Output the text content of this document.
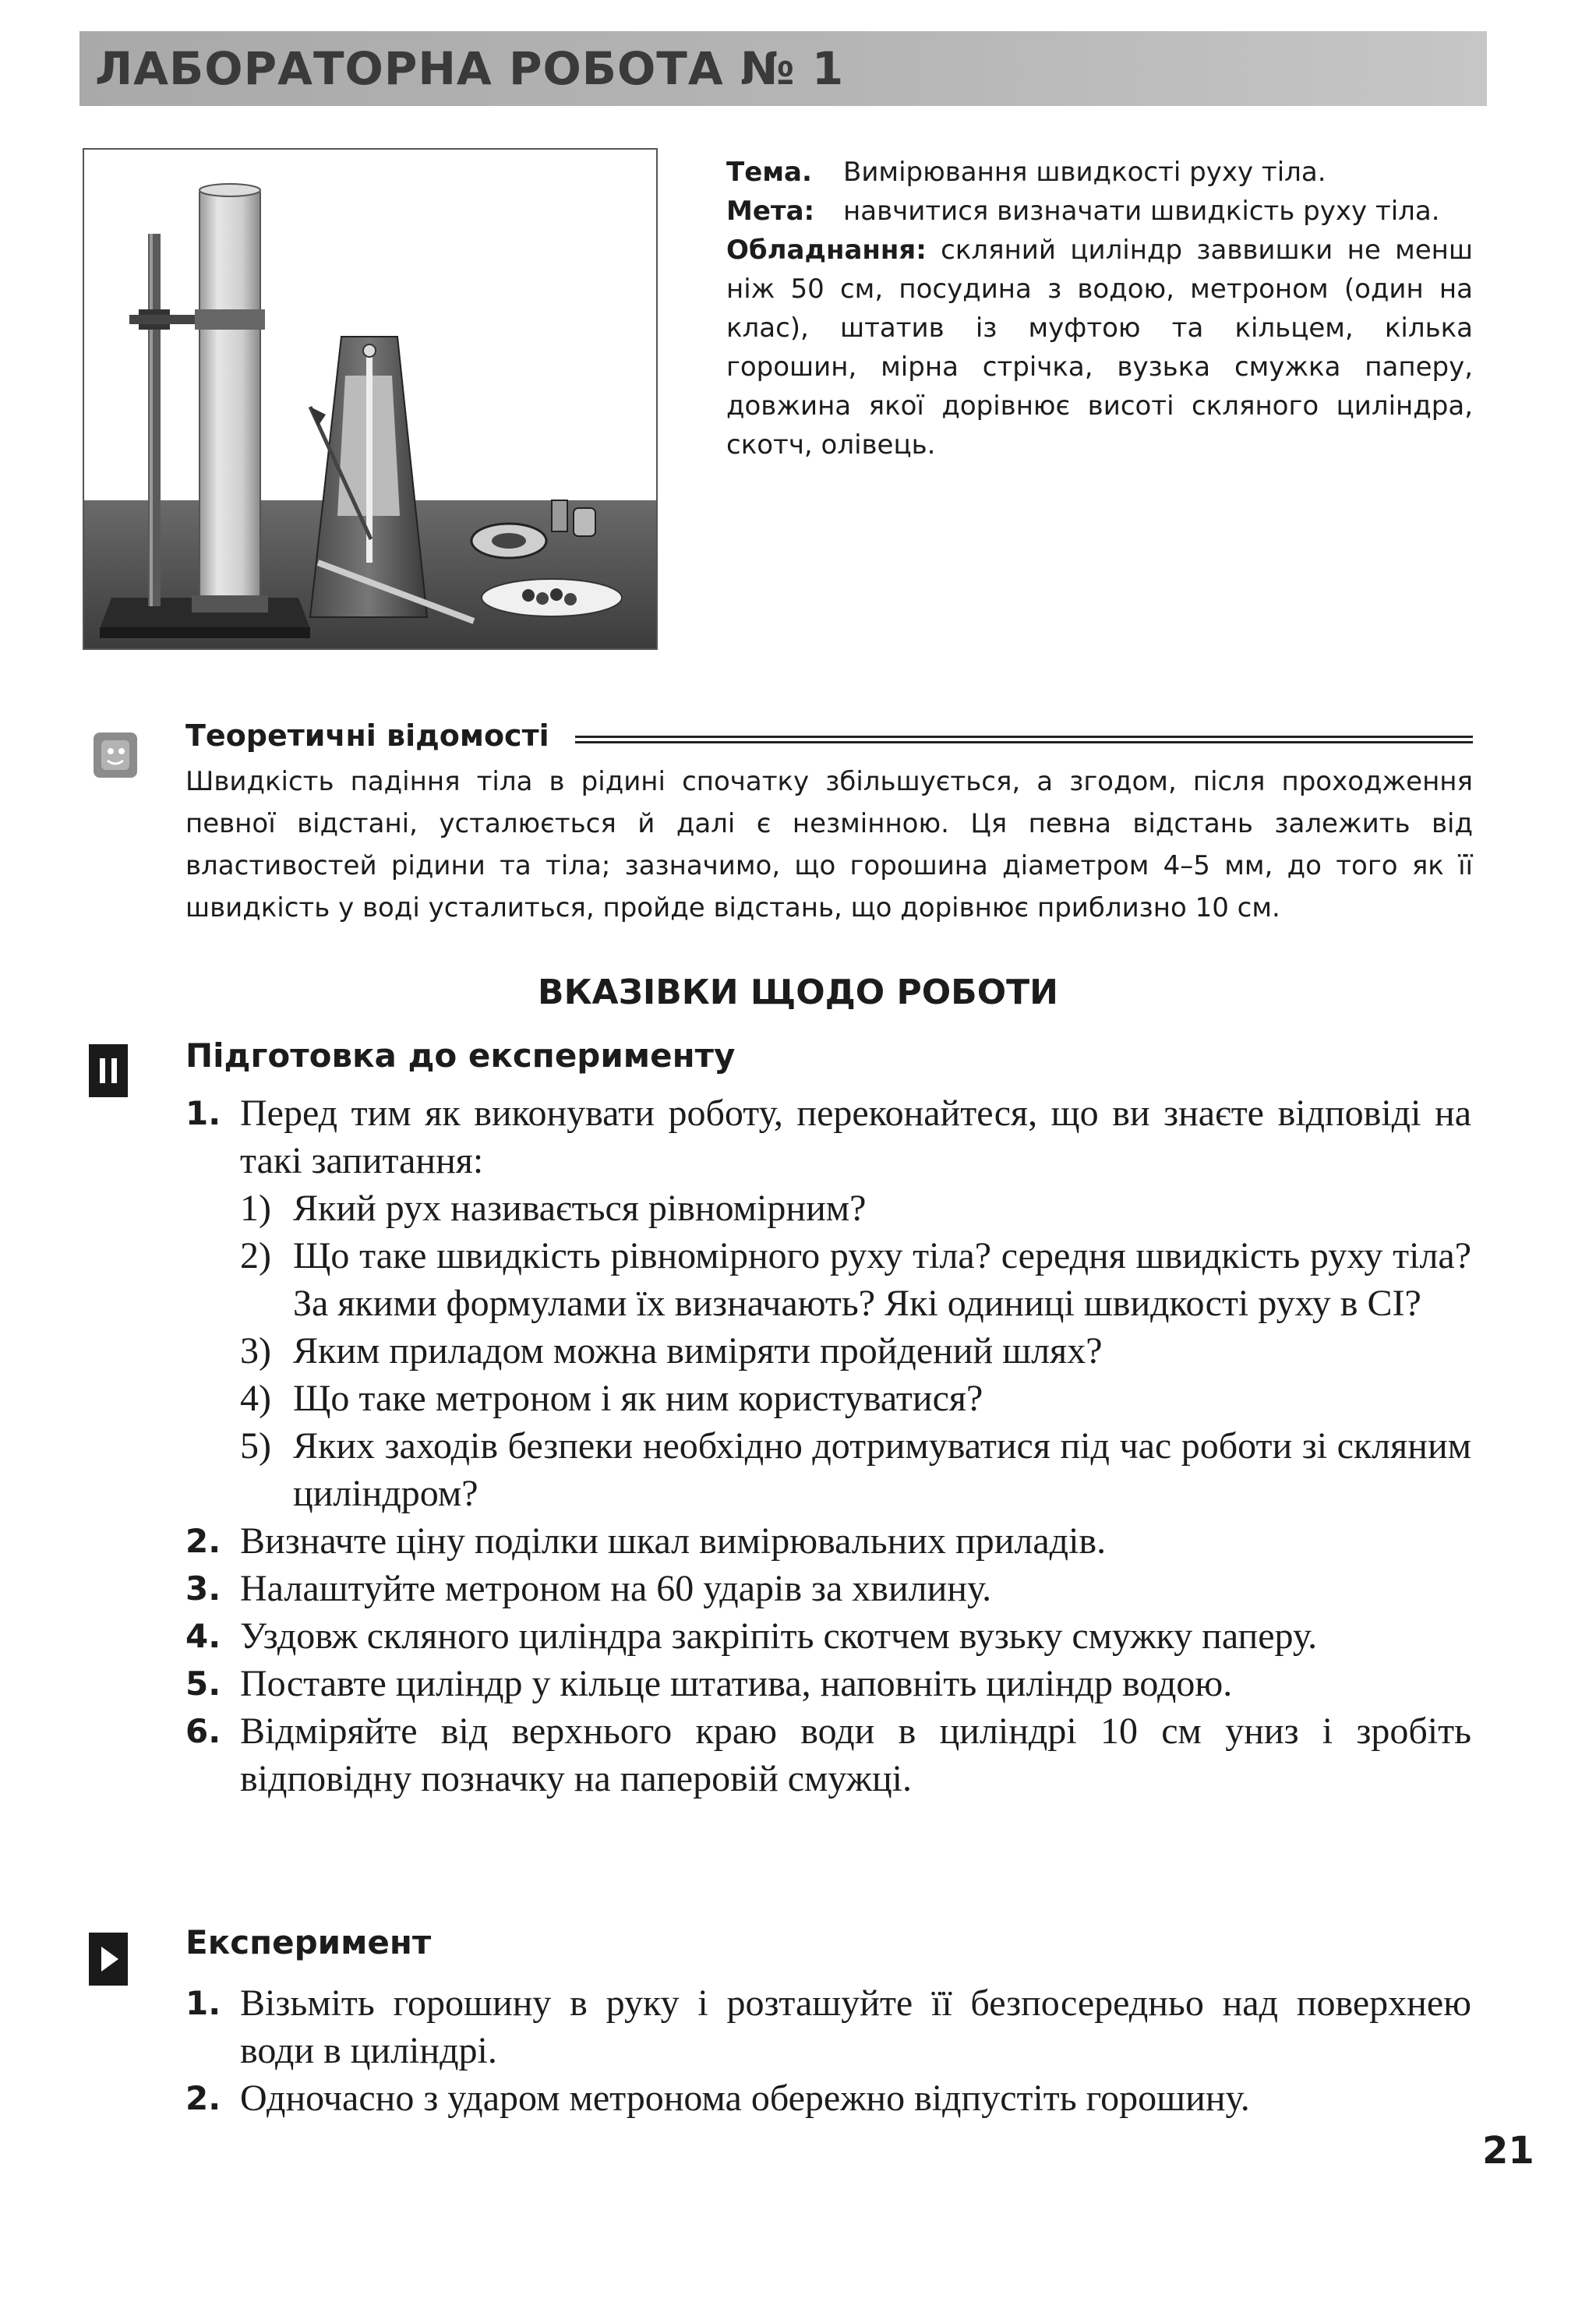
ЛАБОРАТОРНА РОБОТА № 1

Тема. Вимірювання швидкості руху тіла.

Мета: навчитися визначати швидкість руху тіла.

Обладнання: скляний циліндр заввишки не менш ніж 50 см, посудина з водою, метроном (один на клас), штатив із муфтою та кільцем, кілька горошин, мірна стрічка, вузька смужка паперу, довжина якої дорівнює висоті скляного циліндра, скотч, олівець.

Теоретичні відомості

Швидкість падіння тіла в рідині спочатку збільшується, а згодом, після проходження певної відстані, усталюється й далі є незмінною. Ця певна відстань залежить від властивостей рідини та тіла; зазначимо, що горошина діаметром 4–5 мм, до того як її швидкість у воді усталиться, пройде відстань, що дорівнює приблизно 10 см.

ВКАЗІВКИ ЩОДО РОБОТИ
Підготовка до експерименту
1. Перед тим як виконувати роботу, переконайтеся, що ви знаєте відповіді на такі запитання:
1) Який рух називається рівномірним?
2) Що таке швидкість рівномірного руху тіла? середня швидкість руху тіла? За якими формулами їх визначають? Які одиниці швидкості руху в СІ?
3) Яким приладом можна виміряти пройдений шлях?
4) Що таке метроном і як ним користуватися?
5) Яких заходів безпеки необхідно дотримуватися під час роботи зі скляним циліндром?
2. Визначте ціну поділки шкал вимірювальних приладів.
3. Налаштуйте метроном на 60 ударів за хвилину.
4. Уздовж скляного циліндра закріпіть скотчем вузьку смужку паперу.
5. Поставте циліндр у кільце штатива, наповніть циліндр водою.
6. Відміряйте від верхнього краю води в циліндрі 10 см униз і зробіть відповідну позначку на паперовій смужці.
Експеримент
1. Візьміть горошину в руку і розташуйте її безпосередньо над поверхнею води в циліндрі.
2. Одночасно з ударом метронома обережно відпустіть горошину.
21
